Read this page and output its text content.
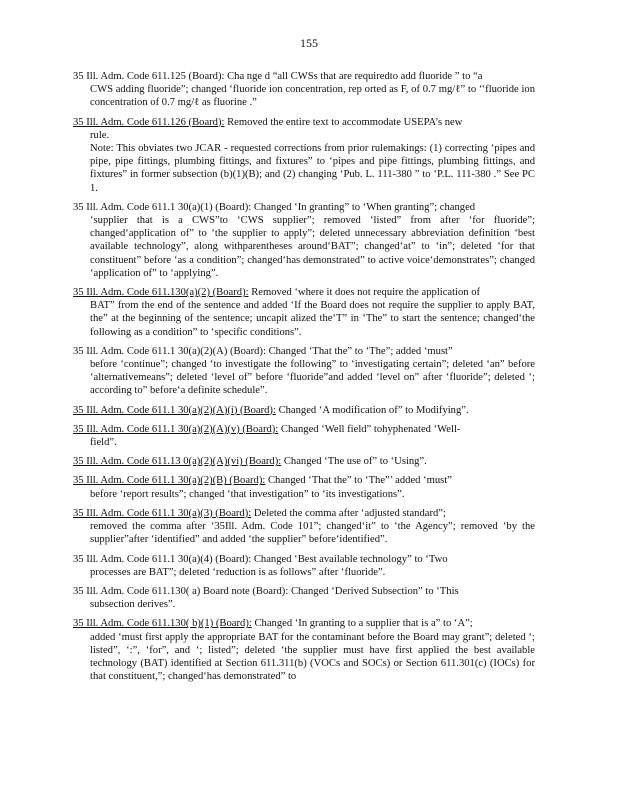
155
35 Ill. Adm. Code 611.125 (Board): Cha nge d “all CWSs that are requiredto add fluoride ” to “a
CWS adding fluoride”; changed ‘fluoride ion concentration, rep orted as F, of 0.7 mg/ℓ” to ‘‘fluoride ion concentration of 0.7 mg/ℓ as fluorine .”
35 Ill. Adm. Code 611.126 (Board): Removed the entire text to accommodate USEPA’s new
rule.
Note: This obviates two JCAR - requested corrections from prior rulemakings: (1) correcting ‘pipes and pipe, pipe fittings, plumbing fittings, and fixtures” to ‘pipes and pipe fittings, plumbing fittings, and fixtures” in former subsection (b)(1)(B); and (2) changing ‘Pub. L. 111-380 ” to ‘P.L. 111-380 .” See PC 1.
35 Ill. Adm. Code 611.1 30(a)(1) (Board): Changed ‘In granting” to ‘When granting”; changed
‘supplier that is a CWS”to ‘CWS supplier”; removed ‘listed” from after ‘for fluoride”; changed‘application of” to ‘the supplier to apply”; deleted unnecessary abbreviation definition ‘best available technology”, along withparentheses around‘BAT”; changed‘at” to ‘in”; deleted ‘for that constituent” before ‘as a condition”; changed‘has demonstrated” to active voice‘demonstrates”; changed ‘application of” to ‘applying”.
35 Ill. Adm. Code 611.130(a)(2) (Board): Removed ‘where it does not require the application of
BAT” from the end of the sentence and added ‘If the Board does not require the supplier to apply BAT, the” at the beginning of the sentence; uncapit alized the‘T” in ‘The” to start the sentence; changed‘the following as a condition” to ‘specific conditions”.
35 Ill. Adm. Code 611.1 30(a)(2)(A) (Board): Changed ‘That the” to ‘The”; added ‘must”
before ‘continue”; changed ‘to investigate the following” to ‘investigating certain”; deleted ‘an” before ‘alternativemeans”; deleted ‘level of” before ‘fluoride”and added ‘level on” after ‘fluoride”; deleted ‘; according to” before‘a definite schedule”.
35 Ill. Adm. Code 611.1 30(a)(2)(A)(i) (Board): Changed ‘A modification of” to Modifying”.
35 Ill. Adm. Code 611.1 30(a)(2)(A)(v) (Board): Changed ‘Well field” tohyphenated ‘Well-
field”.
35 Ill. Adm. Code 611.13 0(a)(2)(A)(vi) (Board): Changed ‘The use of” to ‘Using”.
35 Ill. Adm. Code 611.1 30(a)(2)(B) (Board): Changed ‘That the” to ‘The”’ added ‘must”
before ‘report results”; changed ‘that investigation” to ‘its investigations”.
35 Ill. Adm. Code 611.1 30(a)(3) (Board): Deleted the comma after ‘adjusted standard”;
removed the comma after ‘35Ill. Adm. Code 101”; changed‘it” to ‘the Agency”; removed ‘by the supplier”after ‘identified” and added ‘the supplier” before‘identified”.
35 Ill. Adm. Code 611.1 30(a)(4) (Board): Changed ‘Best available technology” to ‘Two
processes are BAT”; deleted ‘reduction is as follows” after ‘fluoride”.
35 Ill. Adm. Code 611.130( a) Board note (Board): Changed ‘Derived Subsection” to ‘This
subsection derives”.
35 Ill. Adm. Code 611.130( b)(1) (Board): Changed ‘In granting to a supplier that is a” to ‘A”;
added ‘must first apply the appropriate BAT for the contaminant before the Board may grant”; deleted ‘; listed”, ‘:”, ‘for”, and ‘; listed”; deleted ‘the supplier must have first applied the best available technology (BAT) identified at Section 611.311(b) (VOCs and SOCs) or Section 611.301(c) (IOCs) for that constituent,”; changed‘has demonstrated” to
